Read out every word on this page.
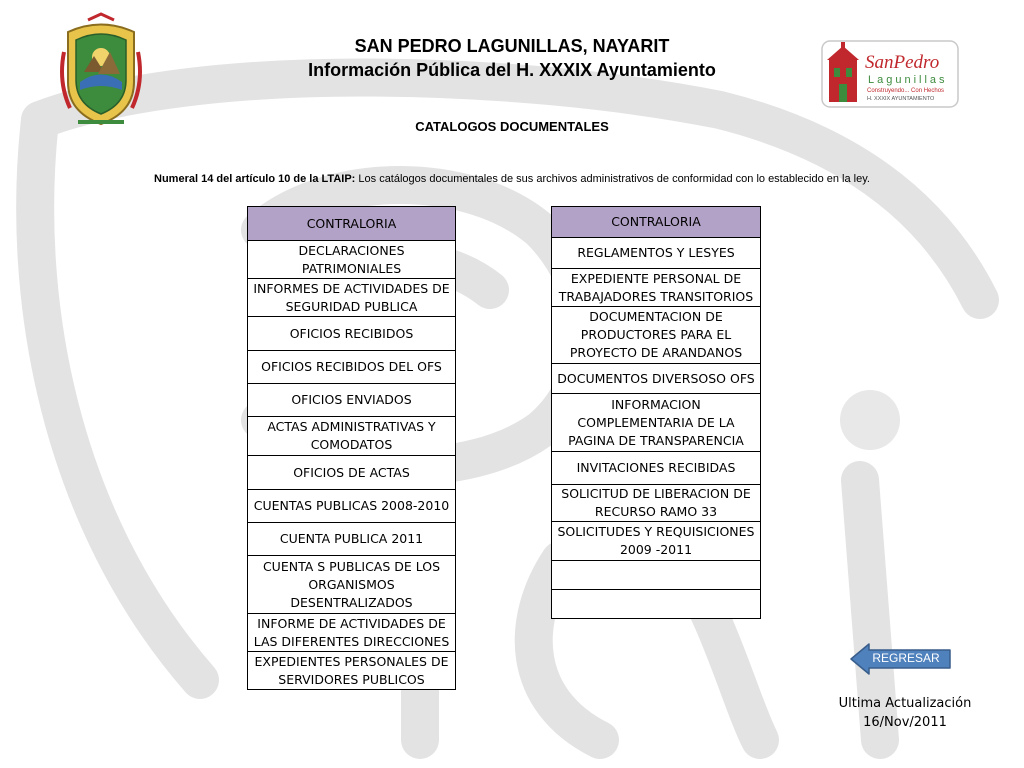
SanPedro
Lagunillas
Construyendo... Con Hechos
H. XXXIX AYUNTAMIENTO
SAN PEDRO LAGUNILLAS, NAYARIT
Información Pública del H. XXXIX Ayuntamiento
CATALOGOS DOCUMENTALES
Numeral 14 del artículo 10 de la LTAIP: Los catálogos documentales de sus archivos administrativos de conformidad con lo establecido en la ley.
CONTRALORIA
DECLARACIONES PATRIMONIALES
INFORMES DE ACTIVIDADES DE SEGURIDAD PUBLICA
OFICIOS RECIBIDOS
OFICIOS RECIBIDOS DEL OFS
OFICIOS ENVIADOS
ACTAS ADMINISTRATIVAS Y COMODATOS
OFICIOS DE ACTAS
CUENTAS PUBLICAS 2008-2010
CUENTA PUBLICA 2011
CUENTA S PUBLICAS DE LOS ORGANISMOS DESENTRALIZADOS
INFORME DE ACTIVIDADES DE LAS DIFERENTES DIRECCIONES
EXPEDIENTES PERSONALES DE SERVIDORES PUBLICOS
CONTRALORIA
REGLAMENTOS Y LESYES
EXPEDIENTE PERSONAL DE TRABAJADORES TRANSITORIOS
DOCUMENTACION DE PRODUCTORES PARA EL PROYECTO DE ARANDANOS
DOCUMENTOS DIVERSOSO OFS
INFORMACION COMPLEMENTARIA DE LA PAGINA DE TRANSPARENCIA
INVITACIONES RECIBIDAS
SOLICITUD DE LIBERACION DE RECURSO RAMO 33
SOLICITUDES Y REQUISICIONES 2009 -2011

REGRESAR
Ultima Actualización
16/Nov/2011
